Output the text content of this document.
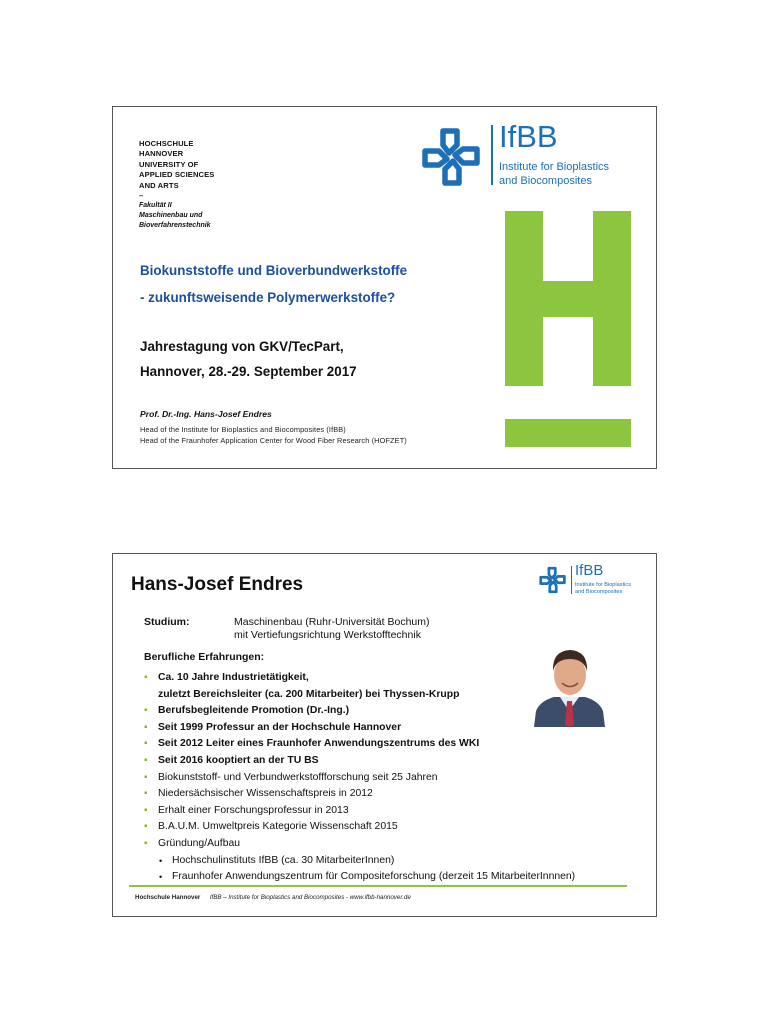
HOCHSCHULE
HANNOVER
UNIVERSITY OF
APPLIED SCIENCES
AND ARTS
–
Fakultät II
Maschinenbau und
Bioverfahrenstechnik
IfBB
Institute for Bioplastics
and Biocomposites
Biokunststoffe und Bioverbundwerkstoffe
- zukunftsweisende Polymerwerkstoffe?
Jahrestagung von GKV/TecPart,
Hannover, 28.-29. September 2017
Prof. Dr.-Ing. Hans-Josef Endres
Head of the Institute for Bioplastics and Biocomposites (IfBB)
Head of the Fraunhofer Application Center for Wood Fiber Research (HOFZET)
Hans-Josef Endres
IfBB
Institute for Bioplastics
and Biocomposites
Studium:	Maschinenbau (Ruhr-Universität Bochum)
mit Vertiefungsrichtung Werkstofftechnik
Berufliche Erfahrungen:
▪ Ca. 10 Jahre Industrietätigkeit,
zuletzt Bereichsleiter (ca. 200 Mitarbeiter) bei Thyssen-Krupp
▪ Berufsbegleitende Promotion (Dr.-Ing.)
▪ Seit 1999 Professur an der Hochschule Hannover
▪ Seit 2012 Leiter eines Fraunhofer Anwendungszentrums des WKI
▪ Seit 2016 kooptiert an der TU BS
▪ Biokunststoff- und Verbundwerkstoffforschung seit 25 Jahren
▪ Niedersächsischer Wissenschaftspreis in 2012
▪ Erhalt einer Forschungsprofessur in 2013
▪ B.A.U.M. Umweltpreis Kategorie Wissenschaft 2015
▪ Gründung/Aufbau
• Hochschulinstituts IfBB (ca. 30 MitarbeiterInnen)
• Fraunhofer Anwendungszentrum für Compositeforschung (derzeit 15 MitarbeiterInnnen)
Hochschule Hannover IfBB – Institute for Bioplastics and Biocomposites - www.ifbb-hannover.de
